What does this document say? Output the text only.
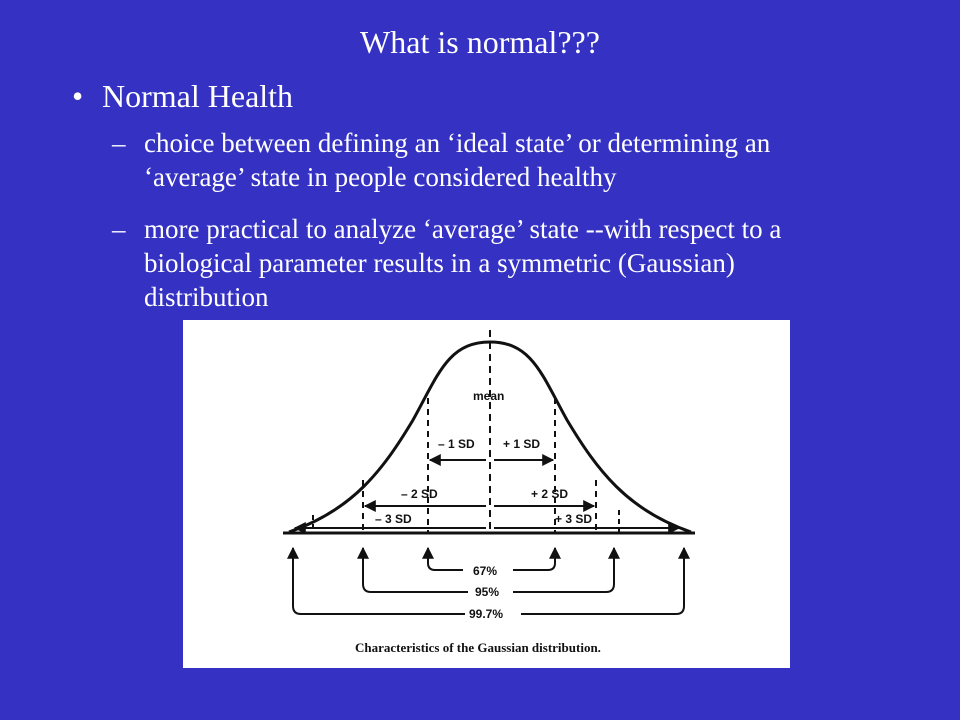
What is normal???
• Normal Health
– choice between defining an ‘ideal state’ or determining an ‘average’ state in people considered healthy
– more practical to analyze ‘average’ state --with respect to a biological parameter results in a symmetric (Gaussian) distribution
mean
– 1 SD + 1 SD
– 2 SD	+ 2 SD
– 3 SD	+ 3 SD
67%
95%
99.7%
Characteristics of the Gaussian distribution.
